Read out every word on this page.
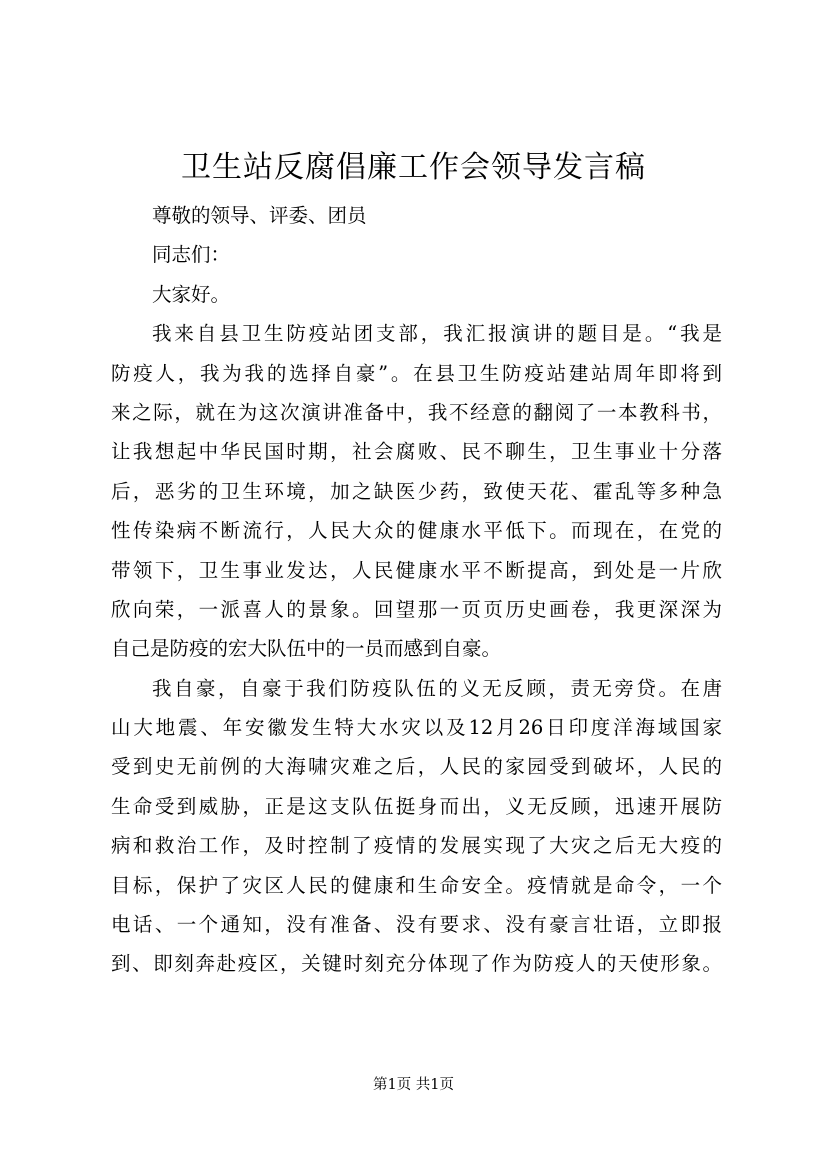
卫生站反腐倡廉工作会领导发言稿
尊敬的领导、评委、团员
同志们：
大家好。
我来自县卫生防疫站团支部，我汇报演讲的题目是。“我是
防疫人，我为我的选择自豪”。在县卫生防疫站建站周年即将到
来之际，就在为这次演讲准备中，我不经意的翻阅了一本教科书，
让我想起中华民国时期，社会腐败、民不聊生，卫生事业十分落
后，恶劣的卫生环境，加之缺医少药，致使天花、霍乱等多种急
性传染病不断流行，人民大众的健康水平低下。而现在，在党的
带领下，卫生事业发达，人民健康水平不断提高，到处是一片欣
欣向荣，一派喜人的景象。回望那一页页历史画卷，我更深深为
自己是防疫的宏大队伍中的一员而感到自豪。
我自豪，自豪于我们防疫队伍的义无反顾，责无旁贷。在唐
山大地震、年安徽发生特大水灾以及12月26日印度洋海域国家
受到史无前例的大海啸灾难之后，人民的家园受到破坏，人民的
生命受到威胁，正是这支队伍挺身而出，义无反顾，迅速开展防
病和救治工作，及时控制了疫情的发展实现了大灾之后无大疫的
目标，保护了灾区人民的健康和生命安全。疫情就是命令，一个
电话、一个通知，没有准备、没有要求、没有豪言壮语，立即报
到、即刻奔赴疫区，关键时刻充分体现了作为防疫人的天使形象。
第1页 共1页
